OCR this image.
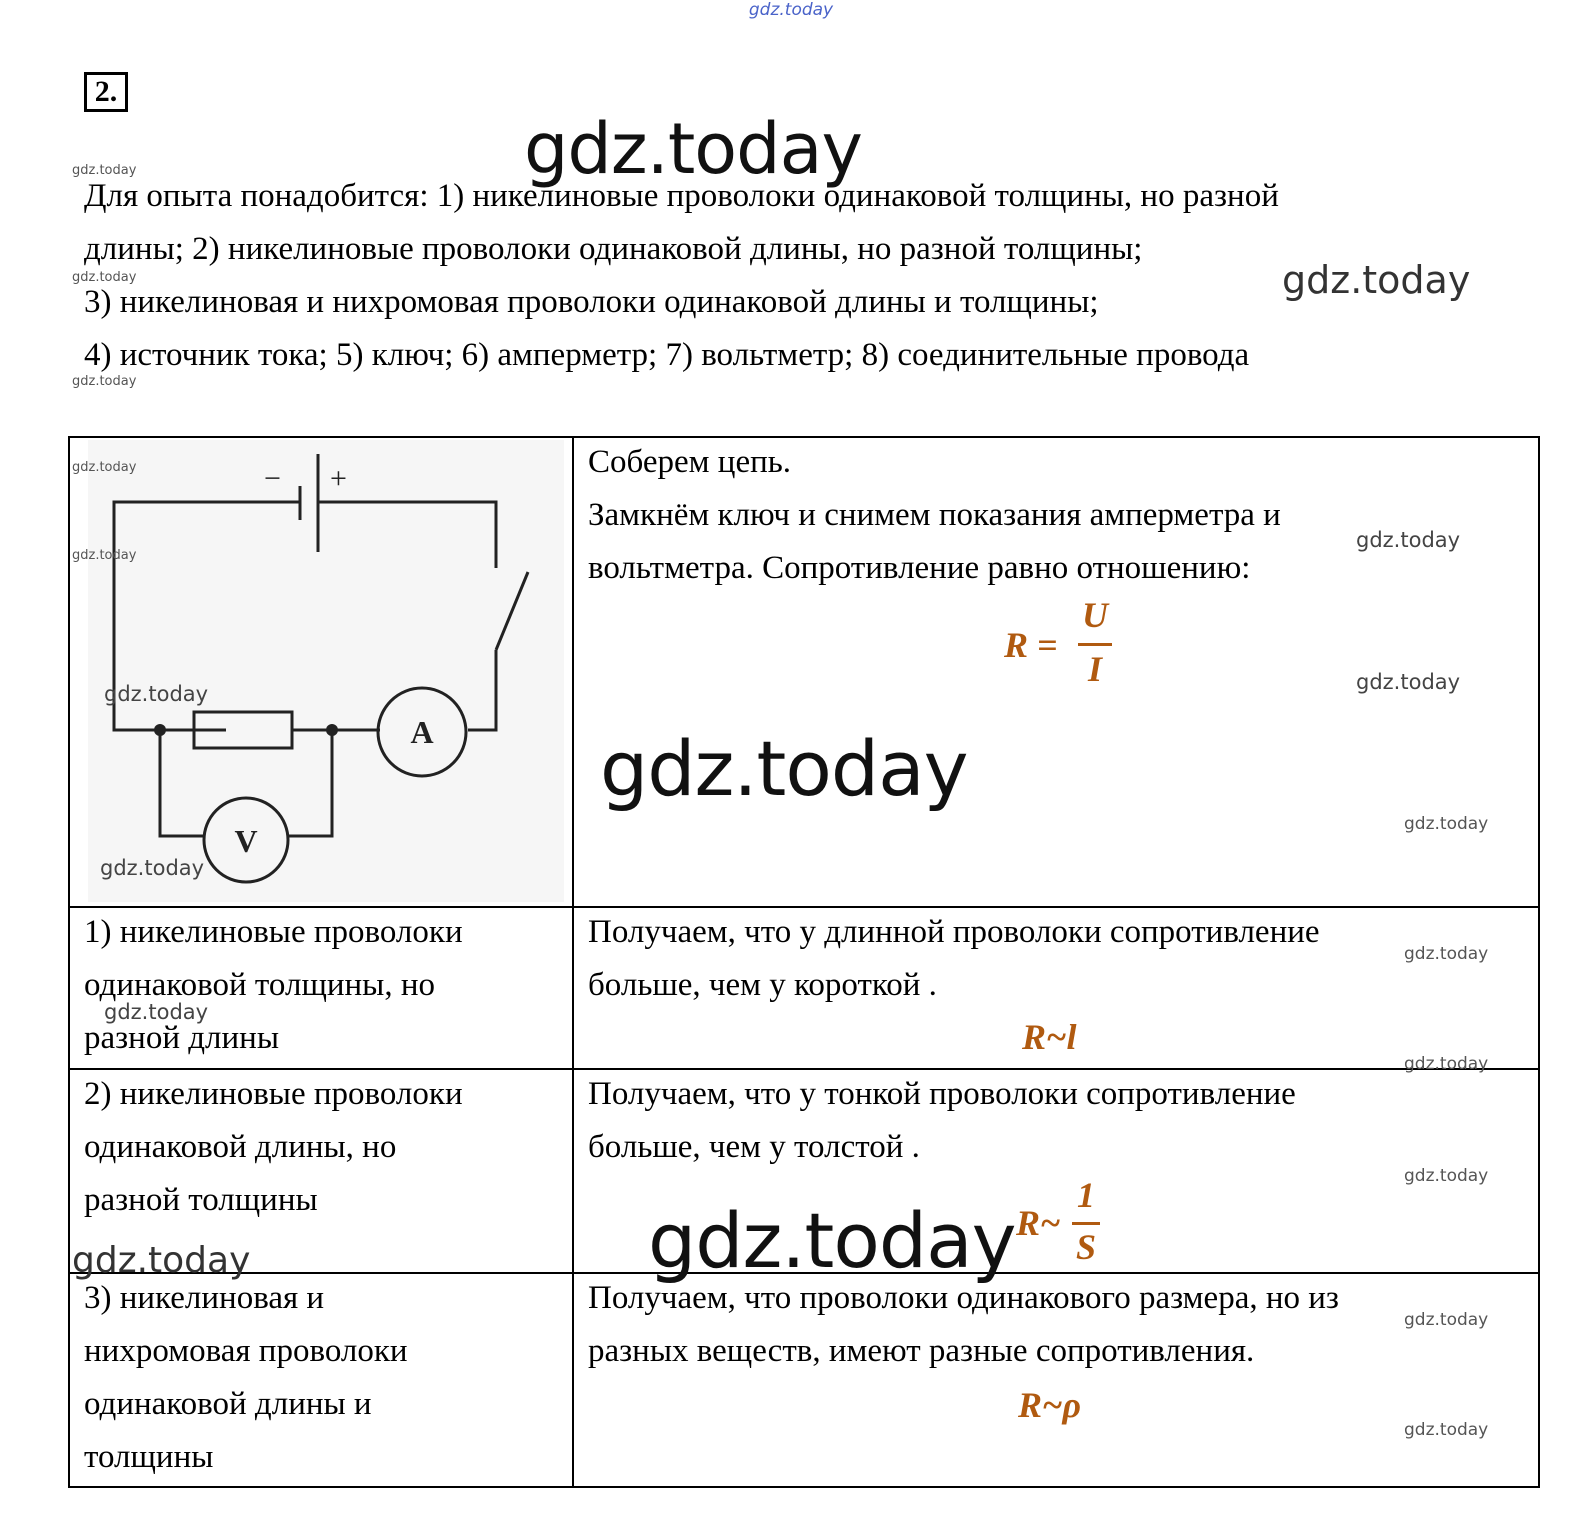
gdz.today
2.
gdz.today
gdz.today
gdz.today
gdz.today
gdz.today
Для опыта понадобится: 1) никелиновые проволоки одинаковой толщины, но разной
длины; 2) никелиновые проволоки одинаковой длины, но разной толщины;
3) никелиновая и нихромовая проволоки одинаковой длины и толщины;
4) источник тока; 5) ключ; 6) амперметр; 7) вольтметр; 8) соединительные провода
− +
A
V
gdz.today
gdz.today
gdz.today
gdz.today
Соберем цепь.
Замкнём ключ и снимем показания амперметра и
вольтметра. Сопротивление равно отношению:
R =
U
I
gdz.today
gdz.today
gdz.today
gdz.today
1) никелиновые проволоки
одинаковой толщины, но
разной длины
gdz.today
Получаем, что у длинной проволоки сопротивление
больше, чем у короткой .
R~l
gdz.today
gdz.today
2) никелиновые проволоки
одинаковой длины, но
разной толщины
gdz.today
Получаем, что у тонкой проволоки сопротивление
больше, чем у толстой .
gdz.today
gdz.today R~
1
S
3) никелиновая и
нихромовая проволоки
одинаковой длины и
толщины
Получаем, что проволоки одинакового размера, но из
разных веществ, имеют разные сопротивления.
R~ρ
gdz.today
gdz.today
